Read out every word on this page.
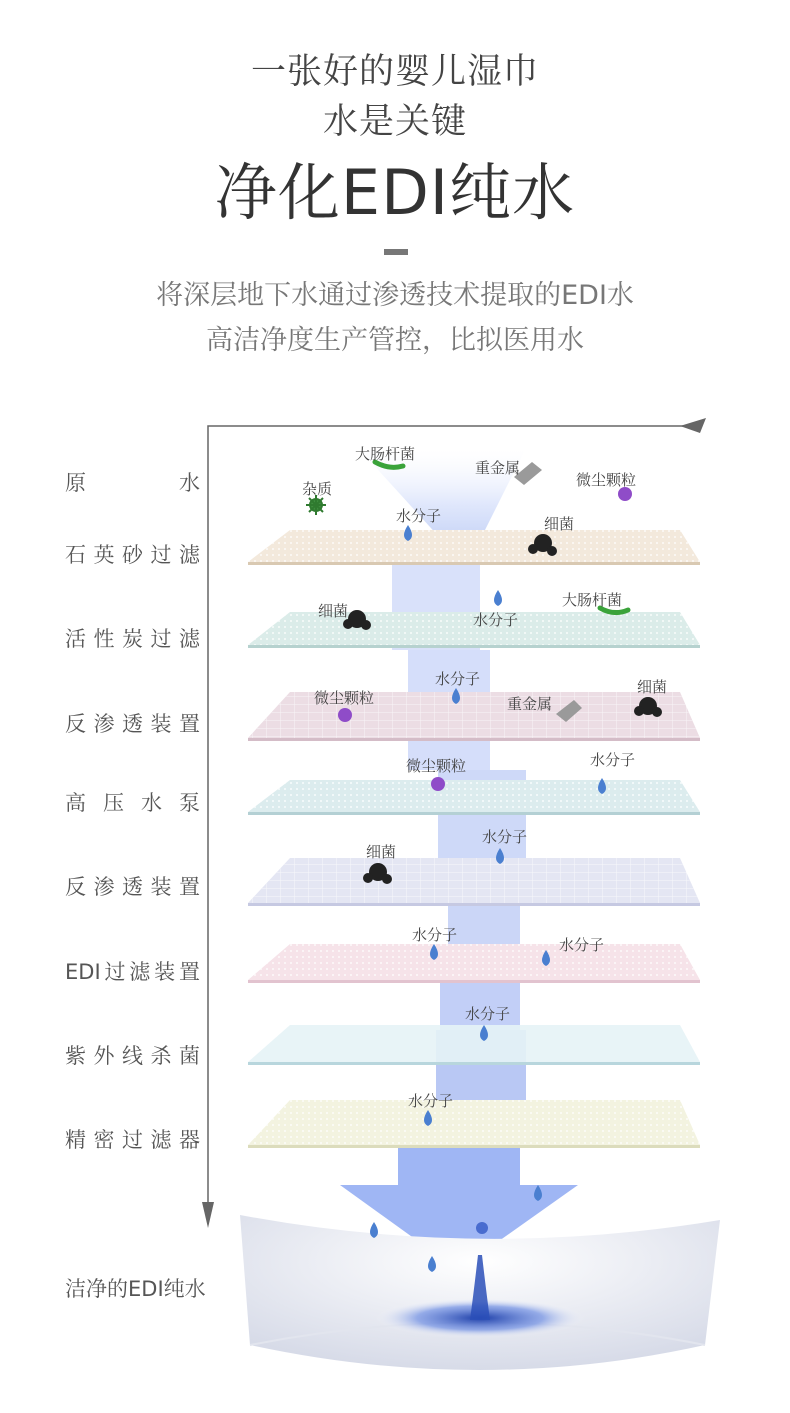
一张好的婴儿湿巾
水是关键
净化EDI纯水
将深层地下水通过渗透技术提取的EDI水
高洁净度生产管控，比拟医用水
原　　水
石英砂过滤
活性炭过滤
反渗透装置
高压水泵
反渗透装置
EDI过滤装置
紫外线杀菌
精密过滤器
洁净的EDI纯水
大肠杆菌
重金属
微尘颗粒
杂质
水分子	细菌
细菌
大肠杆菌
水分子
水分子
微尘颗粒	重金属
细菌
微尘颗粒	水分子
水分子
细菌
水分子
水分子
水分子
水分子
